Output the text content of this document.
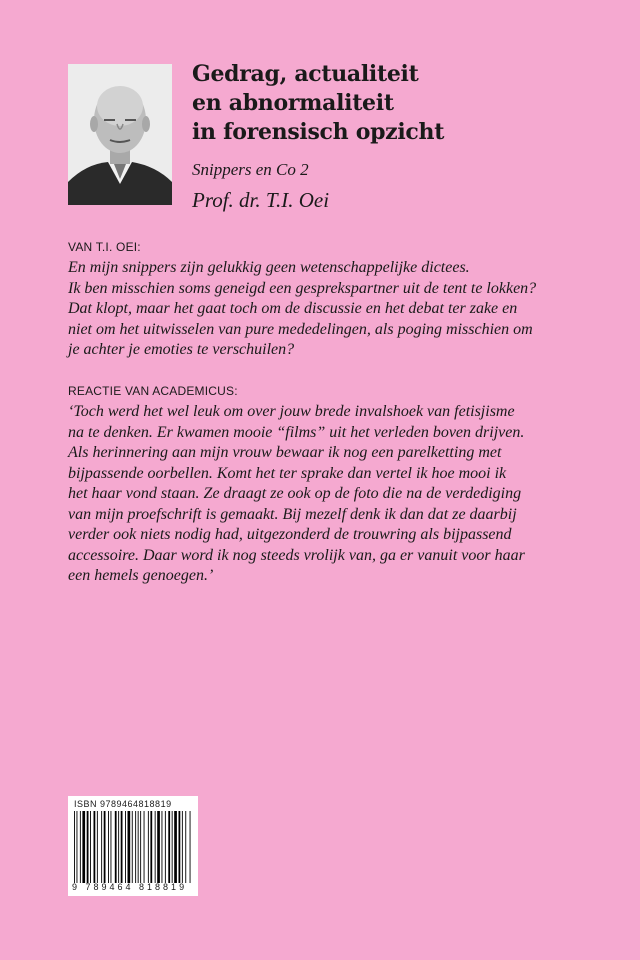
Gedrag, actualiteit
en abnormaliteit
in forensisch opzicht
Snippers en Co 2
Prof. dr. T.I. Oei
VAN T.I. OEI:
En mijn snippers zijn gelukkig geen wetenschappelijke dictees.
Ik ben misschien soms geneigd een gesprekspartner uit de tent te lokken?
Dat klopt, maar het gaat toch om de discussie en het debat ter zake en
niet om het uitwisselen van pure mededelingen, als poging misschien om
je achter je emoties te verschuilen?
REACTIE VAN ACADEMICUS:
‘Toch werd het wel leuk om over jouw brede invalshoek van fetisjisme
na te denken. Er kwamen mooie “films” uit het verleden boven drijven.
Als herinnering aan mijn vrouw bewaar ik nog een parelketting met
bijpassende oorbellen. Komt het ter sprake dan vertel ik hoe mooi ik
het haar vond staan. Ze draagt ze ook op de foto die na de verdediging
van mijn proefschrift is gemaakt. Bij mezelf denk ik dan dat ze daarbij
verder ook niets nodig had, uitgezonderd de trouwring als bijpassend
accessoire. Daar word ik nog steeds vrolijk van, ga er vanuit voor haar
een hemels genoegen.’
ISBN 9789464818819
9 789464 818819
